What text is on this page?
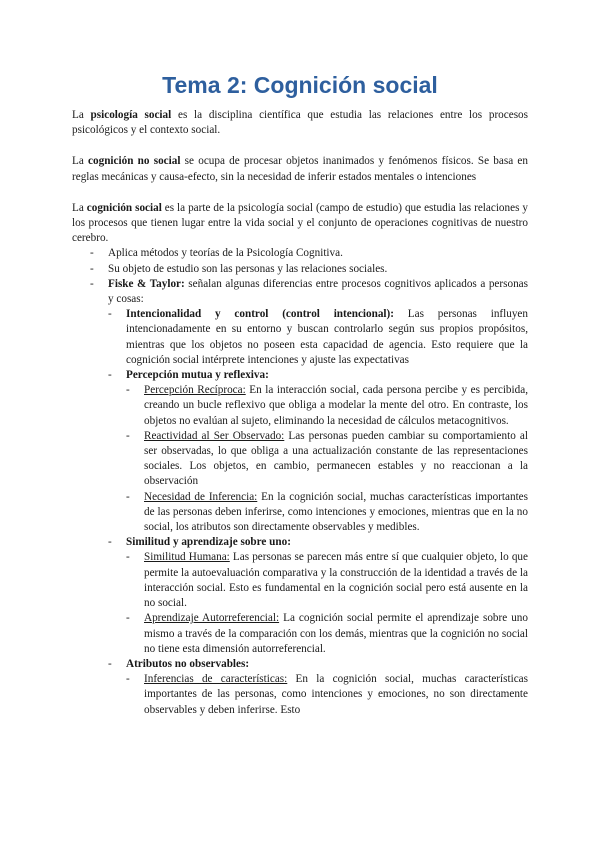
Tema 2: Cognición social

La psicología social es la disciplina científica que estudia las relaciones entre los procesos psicológicos y el contexto social.

La cognición no social se ocupa de procesar objetos inanimados y fenómenos físicos. Se basa en reglas mecánicas y causa-efecto, sin la necesidad de inferir estados mentales o intenciones

La cognición social es la parte de la psicología social (campo de estudio) que estudia las relaciones y los procesos que tienen lugar entre la vida social y el conjunto de operaciones cognitivas de nuestro cerebro.

- Aplica métodos y teorías de la Psicología Cognitiva.
- Su objeto de estudio son las personas y las relaciones sociales.
- Fiske & Taylor: señalan algunas diferencias entre procesos cognitivos aplicados a personas y cosas:
- Intencionalidad y control (control intencional): Las personas influyen intencionadamente en su entorno y buscan controlarlo según sus propios propósitos, mientras que los objetos no poseen esta capacidad de agencia. Esto requiere que la cognición social intérprete intenciones y ajuste las expectativas
- Percepción mutua y reflexiva:
- Percepción Recíproca: En la interacción social, cada persona percibe y es percibida, creando un bucle reflexivo que obliga a modelar la mente del otro. En contraste, los objetos no evalúan al sujeto, eliminando la necesidad de cálculos metacognitivos.
- Reactividad al Ser Observado: Las personas pueden cambiar su comportamiento al ser observadas, lo que obliga a una actualización constante de las representaciones sociales. Los objetos, en cambio, permanecen estables y no reaccionan a la observación
- Necesidad de Inferencia: En la cognición social, muchas características importantes de las personas deben inferirse, como intenciones y emociones, mientras que en la no social, los atributos son directamente observables y medibles.
- Similitud y aprendizaje sobre uno:
- Similitud Humana: Las personas se parecen más entre sí que cualquier objeto, lo que permite la autoevaluación comparativa y la construcción de la identidad a través de la interacción social. Esto es fundamental en la cognición social pero está ausente en la no social.
- Aprendizaje Autorreferencial: La cognición social permite el aprendizaje sobre uno mismo a través de la comparación con los demás, mientras que la cognición no social no tiene esta dimensión autorreferencial.
- Atributos no observables:
- Inferencias de características: En la cognición social, muchas características importantes de las personas, como intenciones y emociones, no son directamente observables y deben inferirse. Esto
